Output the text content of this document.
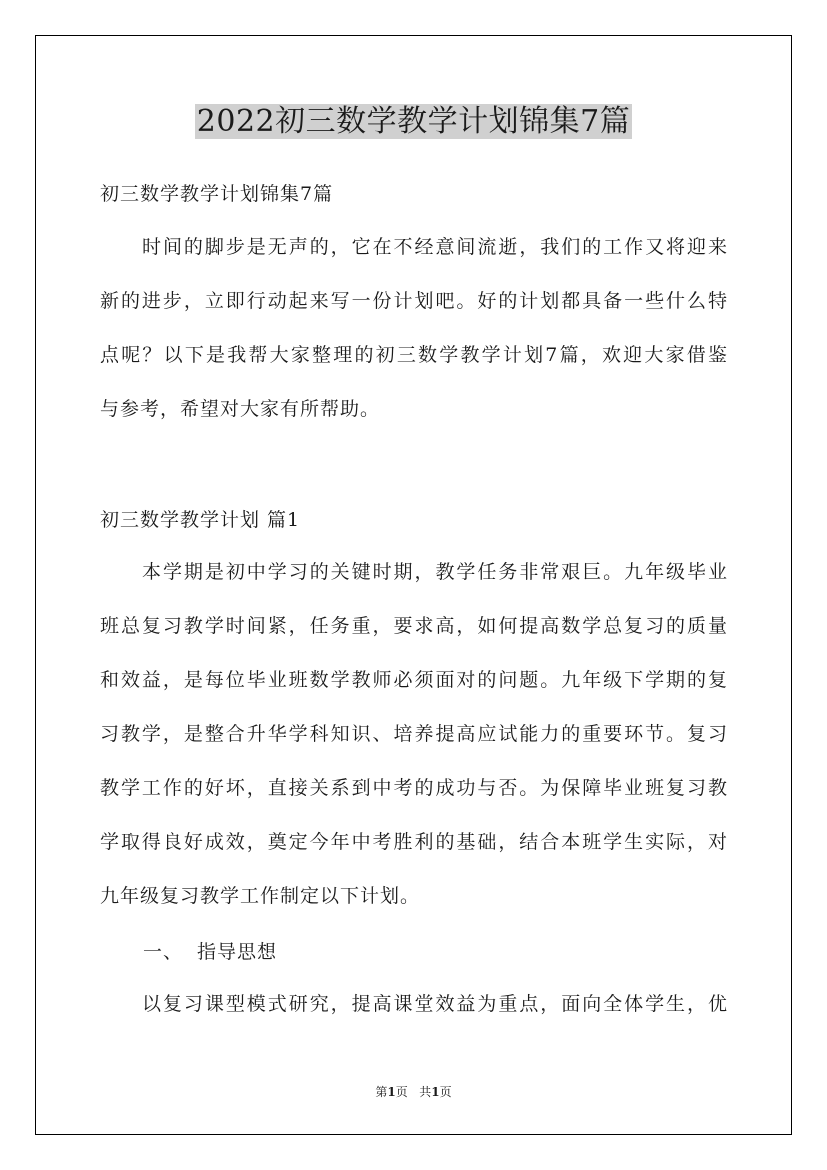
2022初三数学教学计划锦集7篇
初三数学教学计划锦集7篇
时间的脚步是无声的，它在不经意间流逝，我们的工作又将迎来
新的进步，立即行动起来写一份计划吧。好的计划都具备一些什么特
点呢？以下是我帮大家整理的初三数学教学计划7篇，欢迎大家借鉴
与参考，希望对大家有所帮助。
初三数学教学计划 篇1
本学期是初中学习的关键时期，教学任务非常艰巨。九年级毕业
班总复习教学时间紧，任务重，要求高，如何提高数学总复习的质量
和效益，是每位毕业班数学教师必须面对的问题。九年级下学期的复
习教学，是整合升华学科知识、培养提高应试能力的重要环节。复习
教学工作的好坏，直接关系到中考的成功与否。为保障毕业班复习教
学取得良好成效，奠定今年中考胜利的基础，结合本班学生实际，对
九年级复习教学工作制定以下计划。
一、 指导思想
以复习课型模式研究，提高课堂效益为重点，面向全体学生，优
第1页 共1页
